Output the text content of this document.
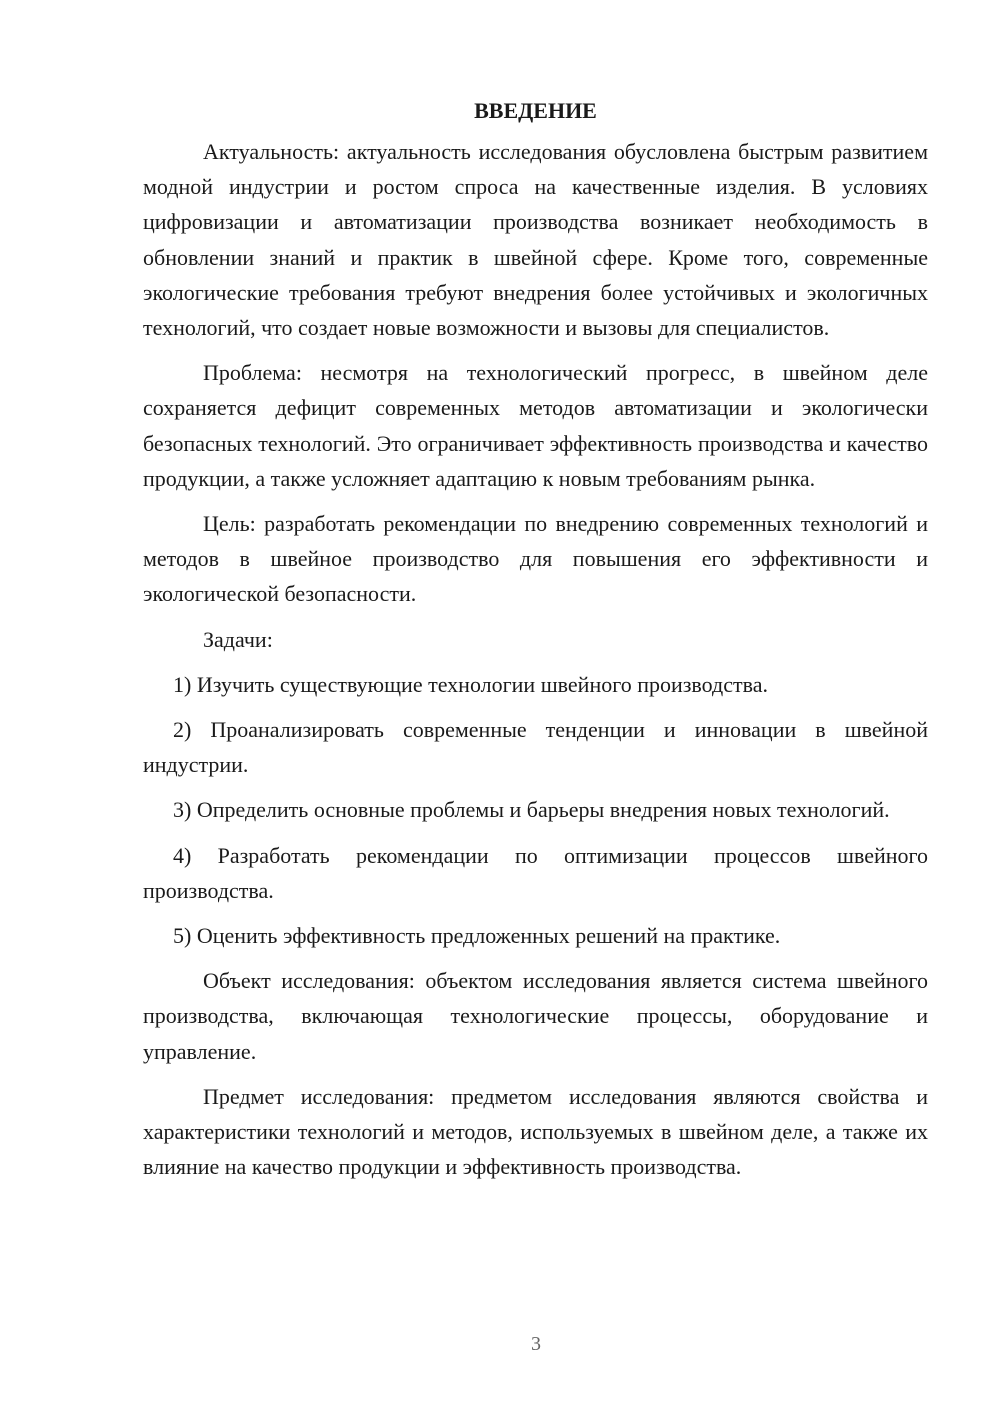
ВВЕДЕНИЕ

Актуальность: актуальность исследования обусловлена быстрым развитием модной индустрии и ростом спроса на качественные изделия. В условиях цифровизации и автоматизации производства возникает необходимость в обновлении знаний и практик в швейной сфере. Кроме того, современные экологические требования требуют внедрения более устойчивых и экологичных технологий, что создает новые возможности и вызовы для специалистов.

Проблема: несмотря на технологический прогресс, в швейном деле сохраняется дефицит современных методов автоматизации и экологически безопасных технологий. Это ограничивает эффективность производства и качество продукции, а также усложняет адаптацию к новым требованиям рынка.

Цель: разработать рекомендации по внедрению современных технологий и методов в швейное производство для повышения его эффективности и экологической безопасности.

Задачи:

1) Изучить существующие технологии швейного производства.

2) Проанализировать современные тенденции и инновации в швейной индустрии.

3) Определить основные проблемы и барьеры внедрения новых технологий.

4) Разработать рекомендации по оптимизации процессов швейного производства.

5) Оценить эффективность предложенных решений на практике.

Объект исследования: объектом исследования является система швейного производства, включающая технологические процессы, оборудование и управление.

Предмет исследования: предметом исследования являются свойства и характеристики технологий и методов, используемых в швейном деле, а также их влияние на качество продукции и эффективность производства.

3
